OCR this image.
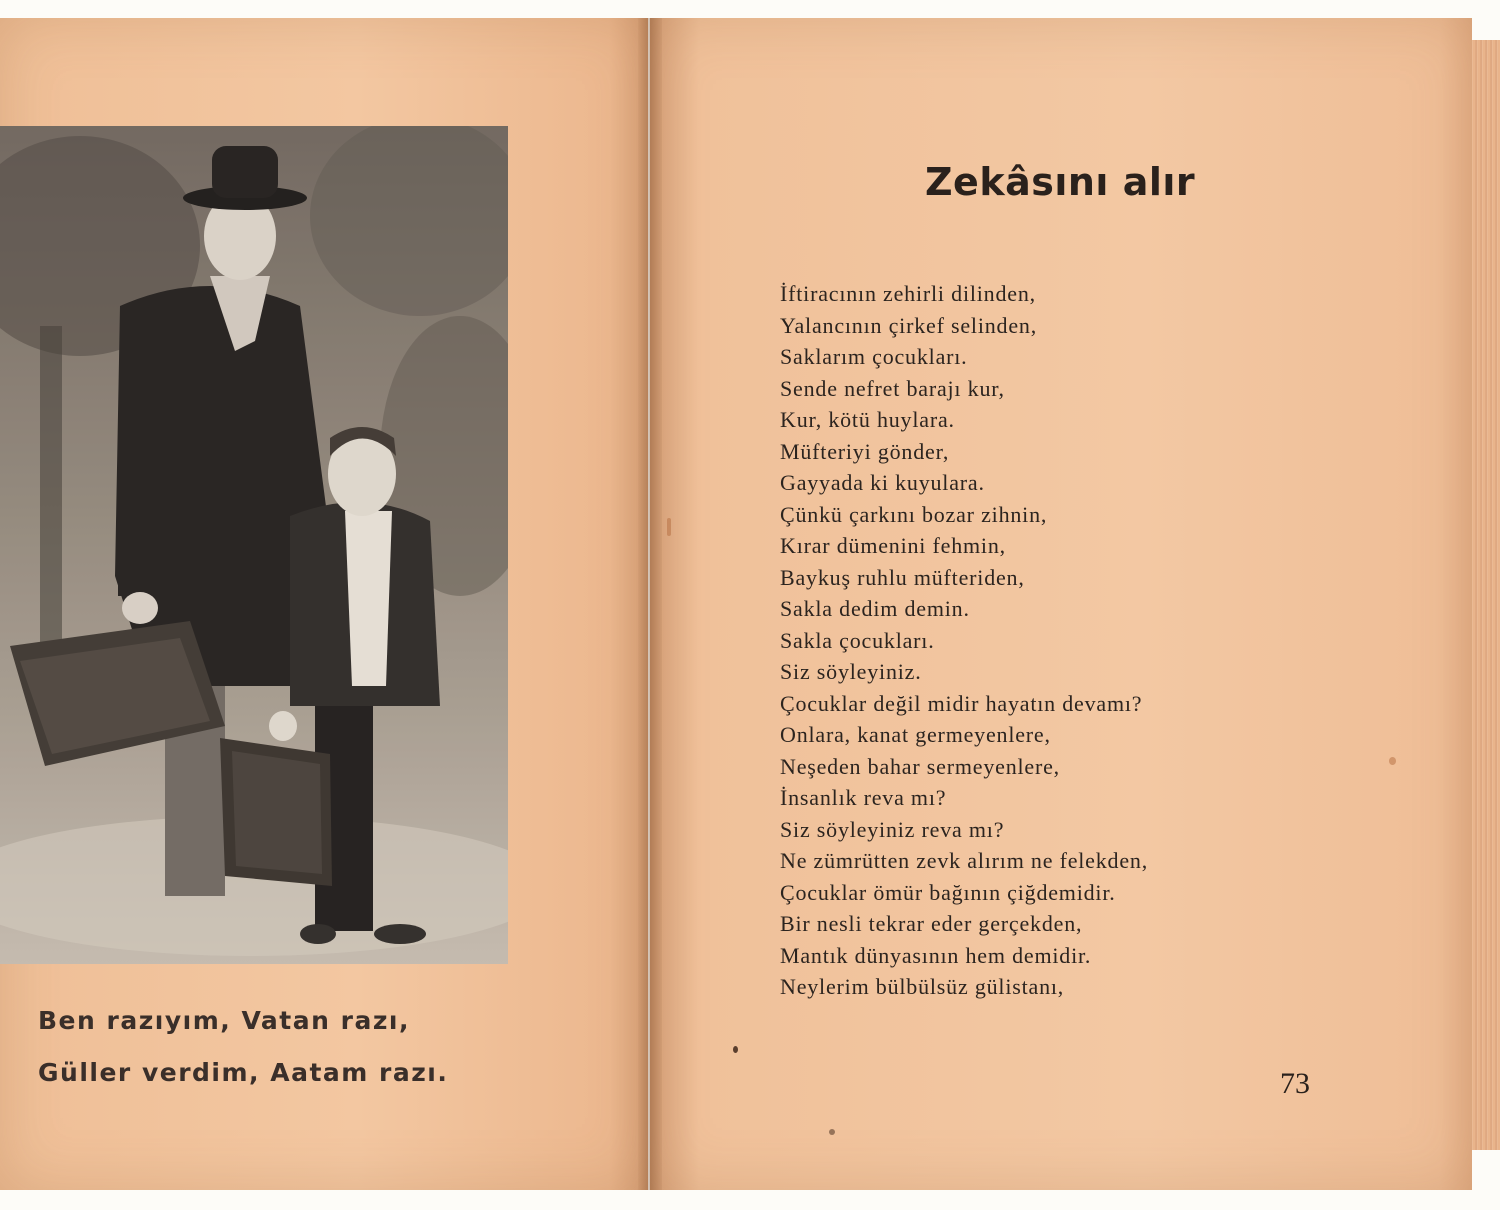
Ben razıyım, Vatan razı,
Güller verdim, Aatam razı.
Zekâsını alır
İftiracının zehirli dilinden,
Yalancının çirkef selinden,
Saklarım çocukları.
Sende nefret barajı kur,
Kur, kötü huylara.
Müfteriyi gönder,
Gayyada ki kuyulara.
Çünkü çarkını bozar zihnin,
Kırar dümenini fehmin,
Baykuş ruhlu müfteriden,
Sakla dedim demin.
Sakla çocukları.
Siz söyleyiniz.
Çocuklar değil midir hayatın devamı?
Onlara, kanat germeyenlere,
Neşeden bahar sermeyenlere,
İnsanlık reva mı?
Siz söyleyiniz reva mı?
Ne zümrütten zevk alırım ne felekden,
Çocuklar ömür bağının çiğdemidir.
Bir nesli tekrar eder gerçekden,
Mantık dünyasının hem demidir.
Neylerim bülbülsüz gülistanı,
73
